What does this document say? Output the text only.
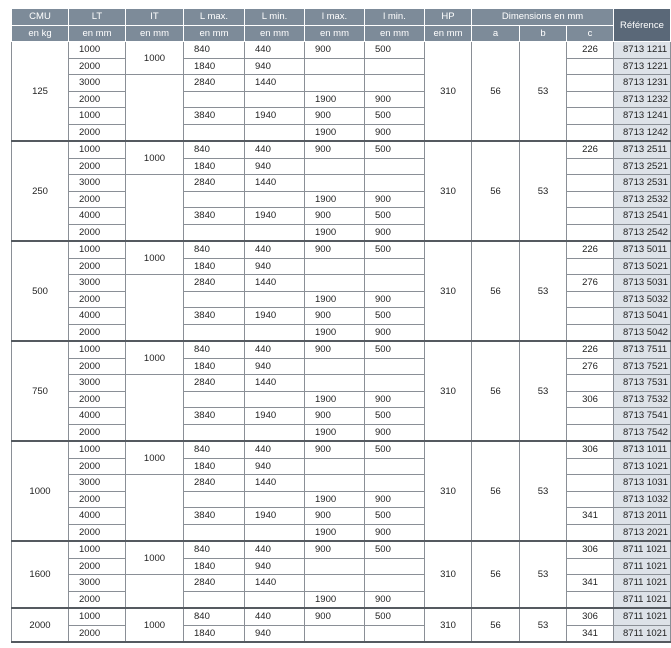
CMU	LT	IT	L max.	L min.	l max.	l min.	HP	Dimensions en mm			Référence
en kg	en mm	en mm	en mm	en mm	en mm	en mm	en mm	a	b	c	
125	1000	1000	840	440	900	500	310	56	53	226	8713 1211
	2000		1840	940							8713 1221
	3000		2840	1440							8713 1231
	2000				1900	900					8713 1232
	1000		3840	1940	900	500					8713 1241
	2000				1900	900					8713 1242
250	1000	1000	840	440	900	500	310	56	53	226	8713 2511
	2000		1840	940							8713 2521
	3000		2840	1440							8713 2531
	2000				1900	900					8713 2532
	4000		3840	1940	900	500					8713 2541
	2000				1900	900					8713 2542
500	1000	1000	840	440	900	500	310	56	53	226	8713 5011
	2000		1840	940							8713 5021
	3000		2840	1440						276	8713 5031
	2000				1900	900					8713 5032
	4000		3840	1940	900	500					8713 5041
	2000				1900	900					8713 5042
750	1000	1000	840	440	900	500	310	56	53	226	8713 7511
	2000		1840	940						276	8713 7521
	3000		2840	1440							8713 7531
	2000				1900	900				306	8713 7532
	4000		3840	1940	900	500					8713 7541
	2000				1900	900					8713 7542
1000	1000	1000	840	440	900	500	310	56	53	306	8713 1011
	2000		1840	940							8713 1021
	3000		2840	1440							8713 1031
	2000				1900	900					8713 1032
	4000		3840	1940	900	500				341	8713 2011
	2000				1900	900					8713 2021
1600	1000	1000	840	440	900	500	310	56	53	306	8711 1021
	2000		1840	940							8711 1021
	3000		2840	1440						341	8711 1021
	2000				1900	900					8711 1021
2000	1000	1000	840	440	900	500	310	56	53	306	8711 1021
	2000		1840	940						341	8711 1021
